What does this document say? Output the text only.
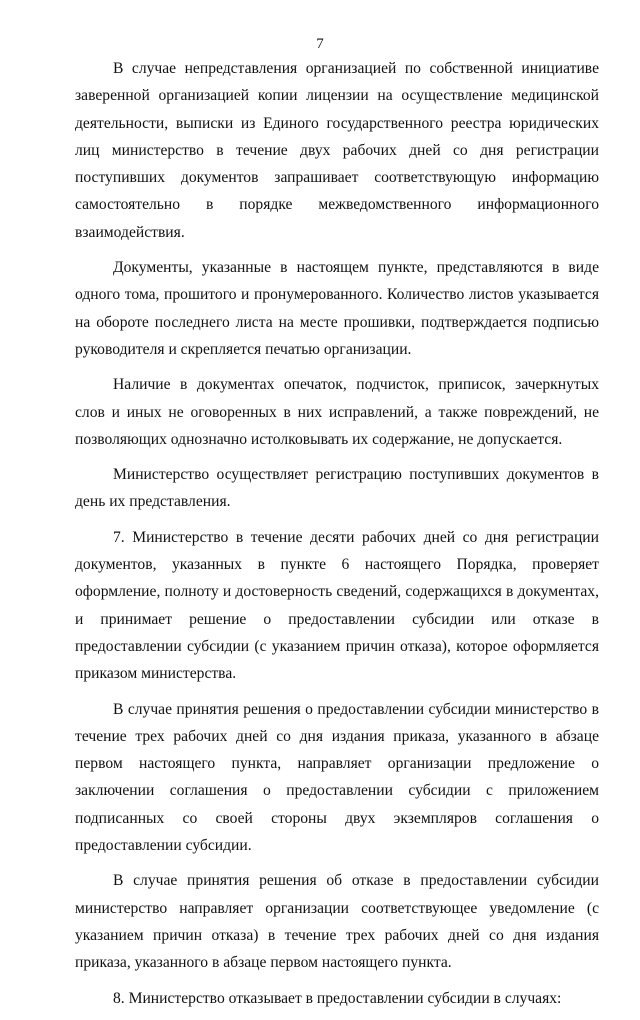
7

В случае непредставления организацией по собственной инициативе заверенной организацией копии лицензии на осуществление медицинской деятельности, выписки из Единого государственного реестра юридических лиц министерство в течение двух рабочих дней со дня регистрации поступивших документов запрашивает соответствующую информацию самостоятельно в порядке межведомственного информационного взаимодействия.

Документы, указанные в настоящем пункте, представляются в виде одного тома, прошитого и пронумерованного. Количество листов указывается на обороте последнего листа на месте прошивки, подтверждается подписью руководителя и скрепляется печатью организации.

Наличие в документах опечаток, подчисток, приписок, зачеркнутых слов и иных не оговоренных в них исправлений, а также повреждений, не позволяющих однозначно истолковывать их содержание, не допускается.

Министерство осуществляет регистрацию поступивших документов в день их представления.

7. Министерство в течение десяти рабочих дней со дня регистрации документов, указанных в пункте 6 настоящего Порядка, проверяет оформление, полноту и достоверность сведений, содержащихся в документах, и принимает решение о предоставлении субсидии или отказе в предоставлении субсидии (с указанием причин отказа), которое оформляется приказом министерства.

В случае принятия решения о предоставлении субсидии министерство в течение трех рабочих дней со дня издания приказа, указанного в абзаце первом настоящего пункта, направляет организации предложение о заключении соглашения о предоставлении субсидии с приложением подписанных со своей стороны двух экземпляров соглашения о предоставлении субсидии.

В случае принятия решения об отказе в предоставлении субсидии министерство направляет организации соответствующее уведомление (с указанием причин отказа) в течение трех рабочих дней со дня издания приказа, указанного в абзаце первом настоящего пункта.

8. Министерство отказывает в предоставлении субсидии в случаях:
